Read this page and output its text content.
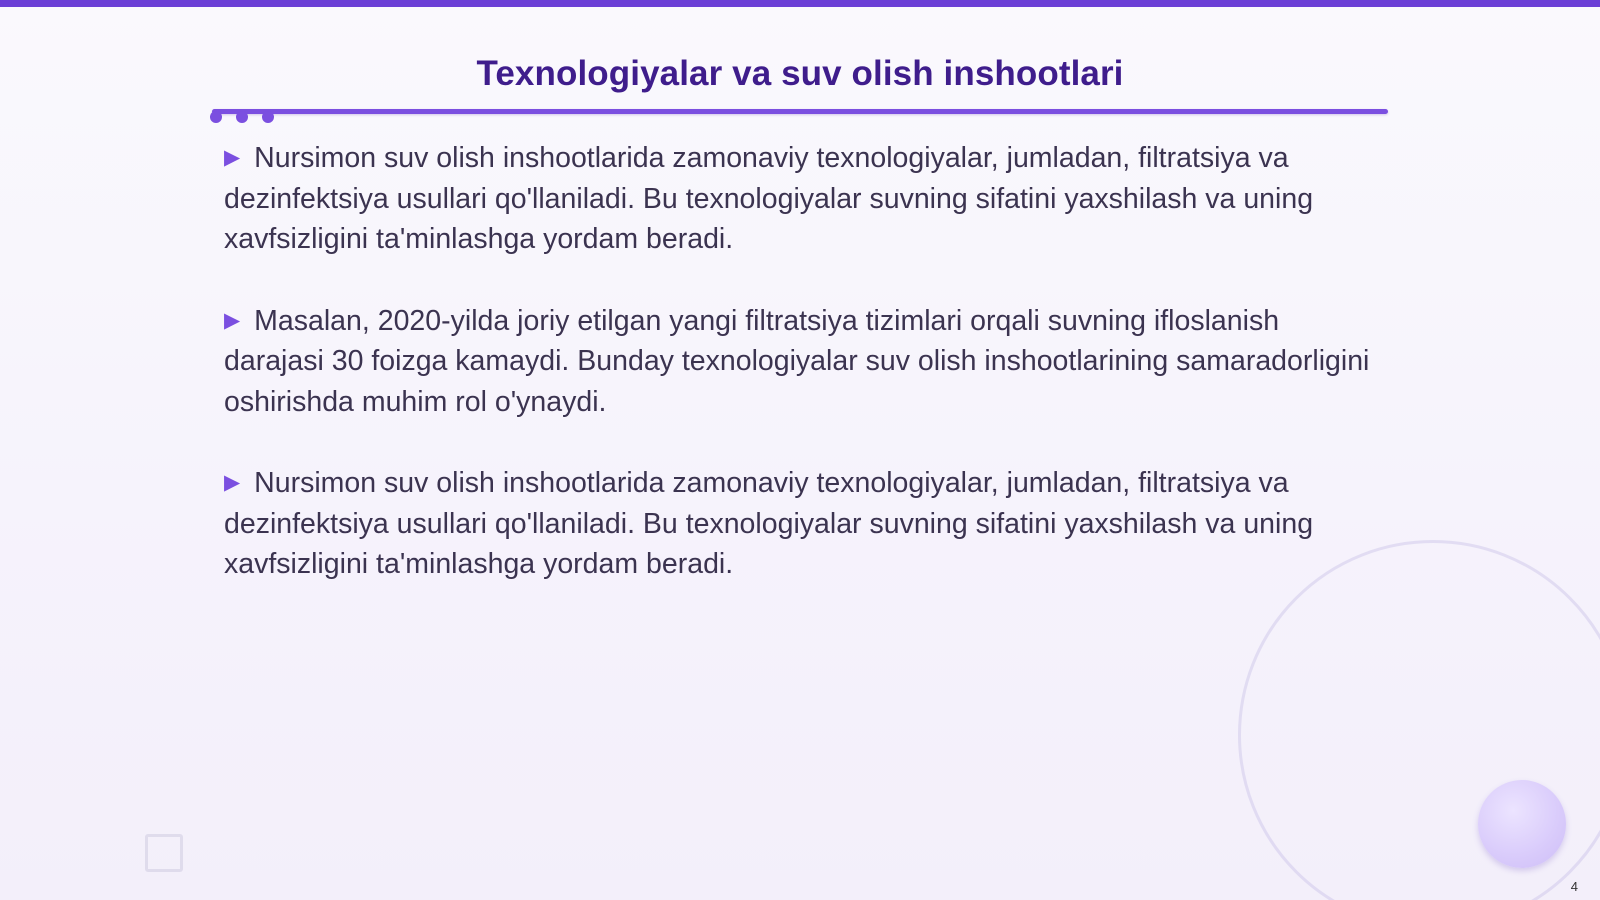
Texnologiyalar va suv olish inshootlari

▶ Nursimon suv olish inshootlarida zamonaviy texnologiyalar, jumladan, filtratsiya va dezinfektsiya usullari qo'llaniladi. Bu texnologiyalar suvning sifatini yaxshilash va uning xavfsizligini ta'minlashga yordam beradi.

▶ Masalan, 2020-yilda joriy etilgan yangi filtratsiya tizimlari orqali suvning ifloslanish darajasi 30 foizga kamaydi. Bunday texnologiyalar suv olish inshootlarining samaradorligini oshirishda muhim rol o'ynaydi.

▶ Nursimon suv olish inshootlarida zamonaviy texnologiyalar, jumladan, filtratsiya va dezinfektsiya usullari qo'llaniladi. Bu texnologiyalar suvning sifatini yaxshilash va uning xavfsizligini ta'minlashga yordam beradi.

4
